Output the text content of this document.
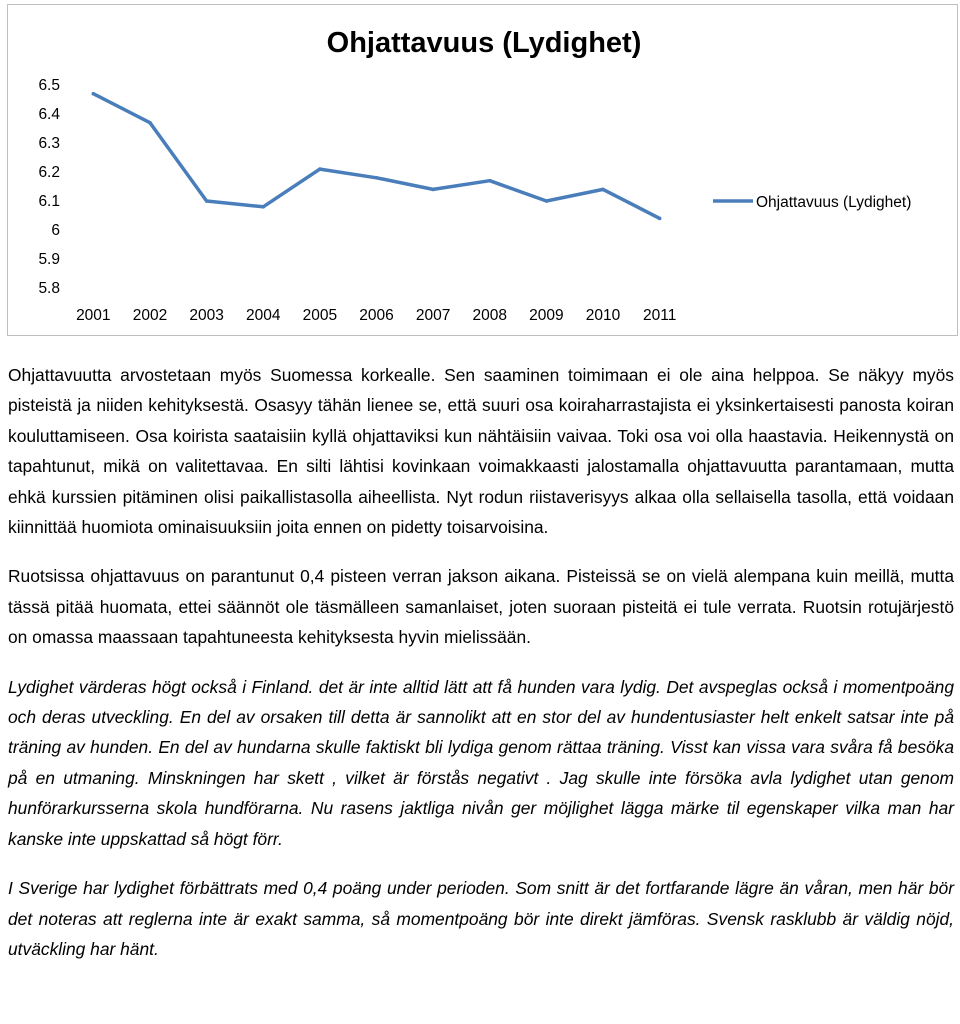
Ohjattavuus (Lydighet)
6.5
6.4
6.3
6.2
6.1
6
5.9
5.8
2001 2002 2003 2004 2005 2006 2007 2008 2009 2010 2011
Ohjattavuus (Lydighet)

Ohjattavuutta arvostetaan myös Suomessa korkealle. Sen saaminen toimimaan ei ole aina helppoa. Se näkyy myös pisteistä ja niiden kehityksestä. Osasyy tähän lienee se, että suuri osa koiraharrastajista ei yksinkertaisesti panosta koiran kouluttamiseen. Osa koirista saataisiin kyllä ohjattaviksi kun nähtäisiin vaivaa. Toki osa voi olla haastavia. Heikennystä on tapahtunut, mikä on valitettavaa. En silti lähtisi kovinkaan voimakkaasti jalostamalla ohjattavuutta parantamaan, mutta ehkä kurssien pitäminen olisi paikallistasolla aiheellista. Nyt rodun riistaverisyys alkaa olla sellaisella tasolla, että voidaan kiinnittää huomiota ominaisuuksiin joita ennen on pidetty toisarvoisina.

Ruotsissa ohjattavuus on parantunut 0,4 pisteen verran jakson aikana. Pisteissä se on vielä alempana kuin meillä, mutta tässä pitää huomata, ettei säännöt ole täsmälleen samanlaiset, joten suoraan pisteitä ei tule verrata. Ruotsin rotujärjestö on omassa maassaan tapahtuneesta kehityksesta hyvin mielissään.

Lydighet värderas högt också i Finland. det är inte alltid lätt att få hunden vara lydig. Det avspeglas också i momentpoäng och deras utveckling. En del av orsaken till detta är sannolikt att en stor del av hundentusiaster helt enkelt satsar inte på träning av hunden. En del av hundarna skulle faktiskt bli lydiga genom rättaa träning. Visst kan vissa vara svåra få besöka på en utmaning. Minskningen har skett , vilket är förstås negativt . Jag skulle inte försöka avla lydighet utan genom hunförarkursserna skola hundförarna. Nu rasens jaktliga nivån ger möjlighet lägga märke til egenskaper vilka man har kanske inte uppskattad så högt förr.

I Sverige har lydighet förbättrats med 0,4 poäng under perioden. Som snitt är det fortfarande lägre än våran, men här bör det noteras att reglerna inte är exakt samma, så momentpoäng bör inte direkt jämföras. Svensk rasklubb är väldig nöjd, utväckling har hänt.
